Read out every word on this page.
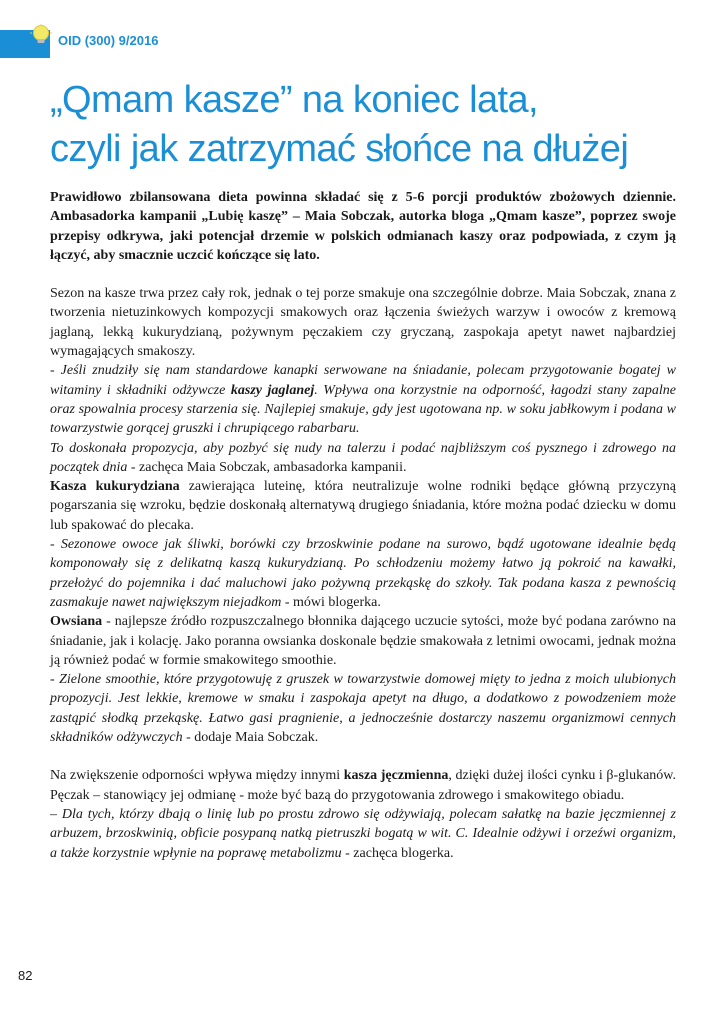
OID (300) 9/2016

„Qmam kasze” na koniec lata,
czyli jak zatrzymać słońce na dłużej

Prawidłowo zbilansowana dieta powinna składać się z 5-6 porcji produktów zbożowych dziennie. Ambasadorka kampanii „Lubię kaszę” – Maia Sobczak, autorka bloga „Qmam kasze”, poprzez swoje przepisy odkrywa, jaki potencjał drzemie w polskich odmianach kaszy oraz podpowiada, z czym ją łączyć, aby smacznie uczcić kończące się lato.

Sezon na kasze trwa przez cały rok, jednak o tej porze smakuje ona szczególnie dobrze. Maia Sobczak, znana z tworzenia nietuzinkowych kompozycji smakowych oraz łączenia świeżych warzyw i owoców z kremową jaglaną, lekką kukurydzianą, pożywnym pęczakiem czy gryczaną, zaspokaja apetyt nawet najbardziej wymagających smakoszy.

- Jeśli znudziły się nam standardowe kanapki serwowane na śniadanie, polecam przygotowanie bogatej w witaminy i składniki odżywcze kaszy jaglanej. Wpływa ona korzystnie na odporność, łagodzi stany zapalne oraz spowalnia procesy starzenia się. Najlepiej smakuje, gdy jest ugotowana np. w soku jabłkowym i podana w towarzystwie gorącej gruszki i chrupiącego rabarbaru.
To doskonała propozycja, aby pozbyć się nudy na talerzu i podać najbliższym coś pysznego i zdrowego na początek dnia - zachęca Maia Sobczak, ambasadorka kampanii.

Kasza kukurydziana zawierająca luteinę, która neutralizuje wolne rodniki będące główną przyczyną pogarszania się wzroku, będzie doskonałą alternatywą drugiego śniadania, które można podać dziecku w domu lub spakować do plecaka.

- Sezonowe owoce jak śliwki, borówki czy brzoskwinie podane na surowo, bądź ugotowane idealnie będą komponowały się z delikatną kaszą kukurydzianą. Po schłodzeniu możemy łatwo ją pokroić na kawałki, przełożyć do pojemnika i dać maluchowi jako pożywną przekąskę do szkoły. Tak podana kasza z pewnością zasmakuje nawet największym niejadkom - mówi blogerka.

Owsiana - najlepsze źródło rozpuszczalnego błonnika dającego uczucie sytości, może być podana zarówno na śniadanie, jak i kolację. Jako poranna owsianka doskonale będzie smakowała z letnimi owocami, jednak można ją również podać w formie smakowitego smoothie.

- Zielone smoothie, które przygotowuję z gruszek w towarzystwie domowej mięty to jedna z moich ulubionych propozycji. Jest lekkie, kremowe w smaku i zaspokaja apetyt na długo, a dodatkowo z powodzeniem może zastąpić słodką przekąskę. Łatwo gasi pragnienie, a jednocześnie dostarczy naszemu organizmowi cennych składników odżywczych - dodaje Maia Sobczak.

Na zwiększenie odporności wpływa między innymi kasza jęczmienna, dzięki dużej ilości cynku i β-glukanów. Pęczak – stanowiący jej odmianę - może być bazą do przygotowania zdrowego i smakowitego obiadu.

– Dla tych, którzy dbają o linię lub po prostu zdrowo się odżywiają, polecam sałatkę na bazie jęczmiennej z arbuzem, brzoskwinią, obficie posypaną natką pietruszki bogatą w wit. C. Idealnie odżywi i orzeźwi organizm, a także korzystnie wpłynie na poprawę metabolizmu - zachęca blogerka.

82
